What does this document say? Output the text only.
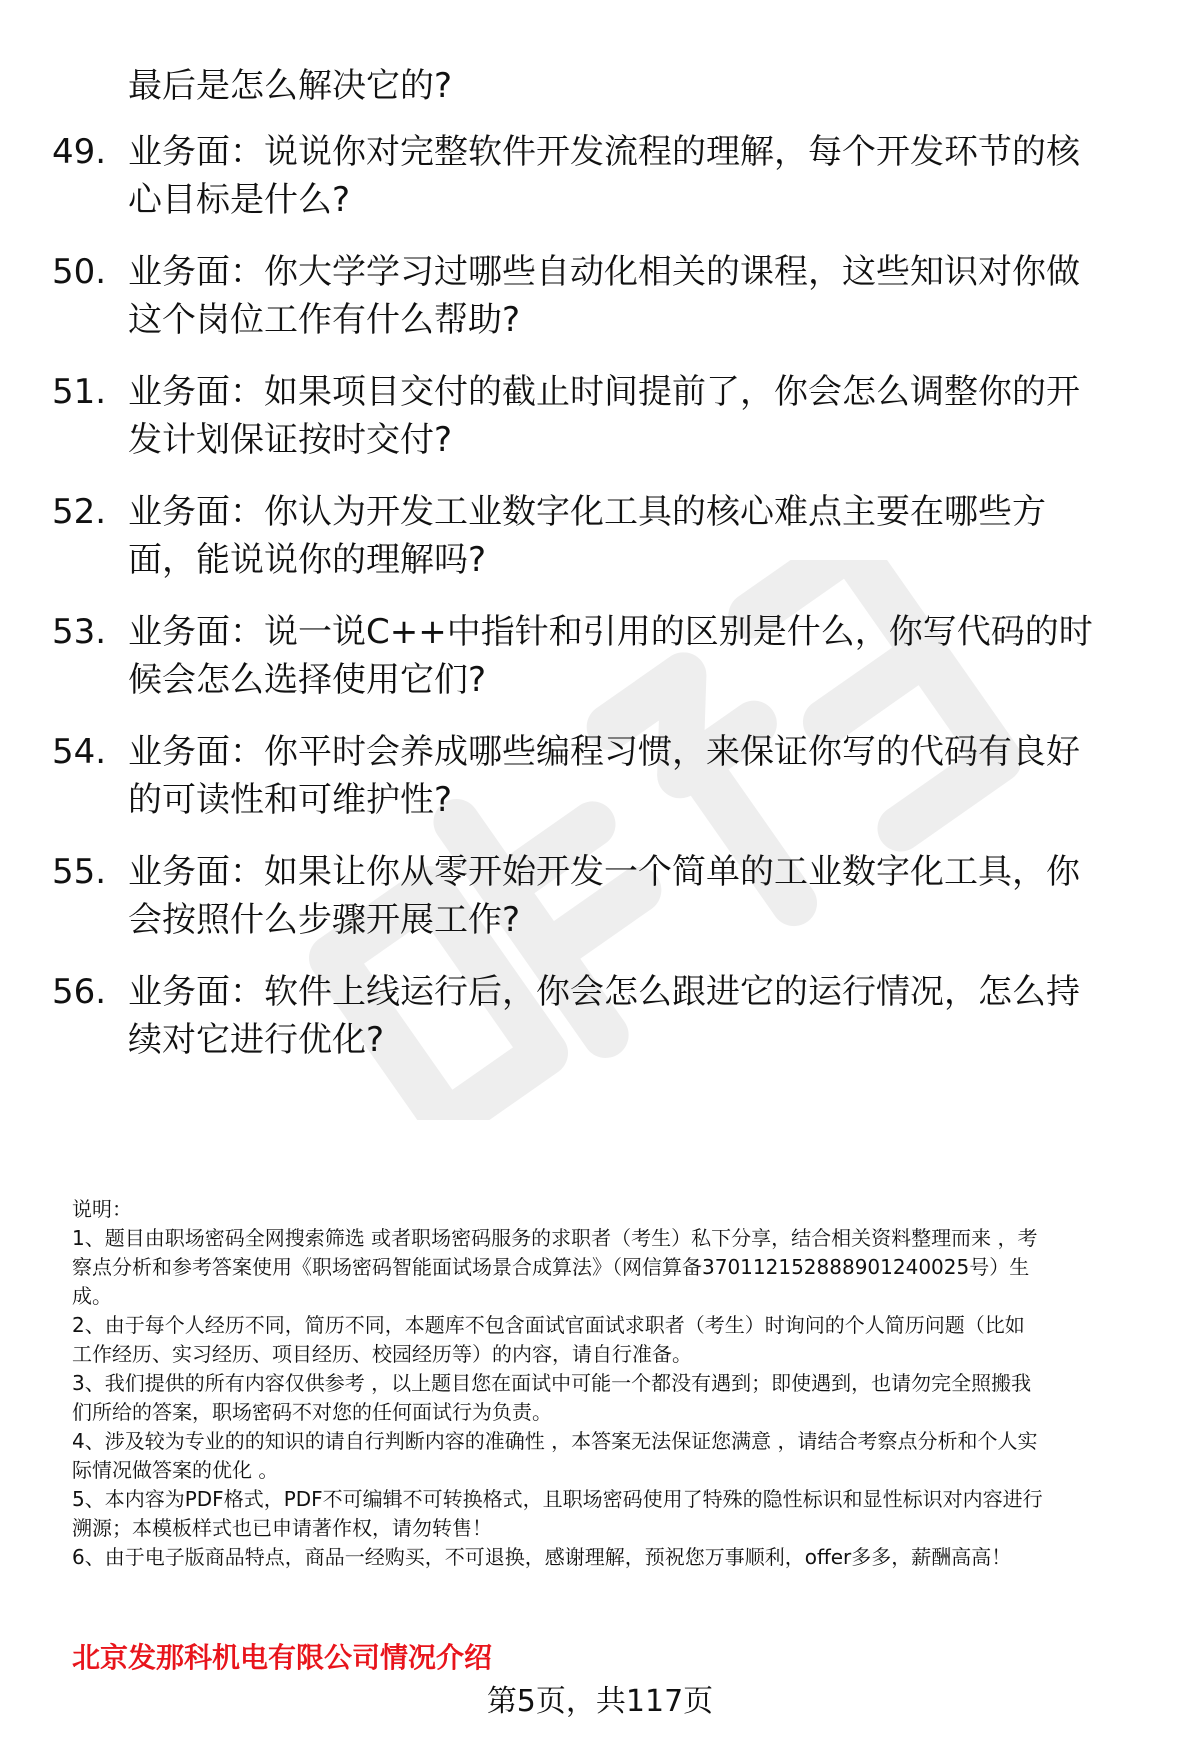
最后是怎么解决它的?

49. 业务面：说说你对完整软件开发流程的理解，每个开发环节的核
心目标是什么?

50. 业务面：你大学学习过哪些自动化相关的课程，这些知识对你做
这个岗位工作有什么帮助?

51. 业务面：如果项目交付的截止时间提前了，你会怎么调整你的开
发计划保证按时交付?

52. 业务面：你认为开发工业数字化工具的核心难点主要在哪些方
面，能说说你的理解吗?

53. 业务面：说一说C++中指针和引用的区别是什么，你写代码的时
候会怎么选择使用它们?

54. 业务面：你平时会养成哪些编程习惯，来保证你写的代码有良好
的可读性和可维护性?

55. 业务面：如果让你从零开始开发一个简单的工业数字化工具，你
会按照什么步骤开展工作?

56. 业务面：软件上线运行后，你会怎么跟进它的运行情况，怎么持
续对它进行优化?

说明：

1、题目由职场密码全网搜索筛选 或者职场密码服务的求职者（考生）私下分享，结合相关资料整理而来 ，考

察点分析和参考答案使用《职场密码智能面试场景合成算法》（网信算备370112152888901240025号）生

成。

2、由于每个人经历不同，简历不同，本题库不包含面试官面试求职者（考生）时询问的个人简历问题（比如

工作经历、实习经历、项目经历、校园经历等）的内容，请自行准备。

3、我们提供的所有内容仅供参考 ，以上题目您在面试中可能一个都没有遇到；即使遇到，也请勿完全照搬我

们所给的答案，职场密码不对您的任何面试行为负责。

4、涉及较为专业的的知识的请自行判断内容的准确性 ，本答案无法保证您满意 ，请结合考察点分析和个人实

际情况做答案的优化 。

5、本内容为PDF格式，PDF不可编辑不可转换格式，且职场密码使用了特殊的隐性标识和显性标识对内容进行

溯源；本模板样式也已申请著作权，请勿转售！

6、由于电子版商品特点，商品一经购买，不可退换，感谢理解，预祝您万事顺利，offer多多，薪酬高高！

北京发那科机电有限公司情况介绍
第5页，共117页
